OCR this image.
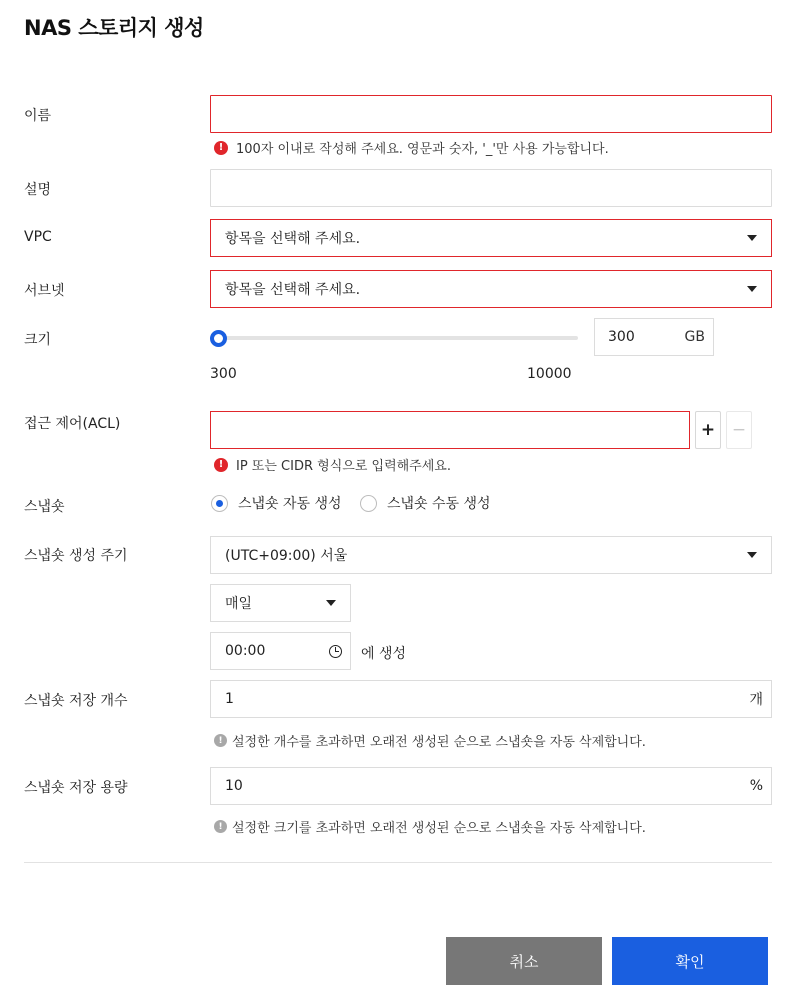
NAS 스토리지 생성
이름
! 100자 이내로 작성해 주세요. 영문과 숫자, '_'만 사용 가능합니다.
설명
VPC	항목을 선택해 주세요.
서브넷	항목을 선택해 주세요.
크기
300	10000
300	GB
접근 제어(ACL)	+ −
! IP 또는 CIDR 형식으로 입력해주세요.
스냅숏	스냅숏 자동 생성	스냅숏 수동 생성
스냅숏 생성 주기	(UTC+09:00) 서울
매일
00:00	에 생성
스냅숏 저장 개수	1	개
! 설정한 개수를 초과하면 오래전 생성된 순으로 스냅숏을 자동 삭제합니다.
스냅숏 저장 용량	10	%
! 설정한 크기를 초과하면 오래전 생성된 순으로 스냅숏을 자동 삭제합니다.
취소	확인
